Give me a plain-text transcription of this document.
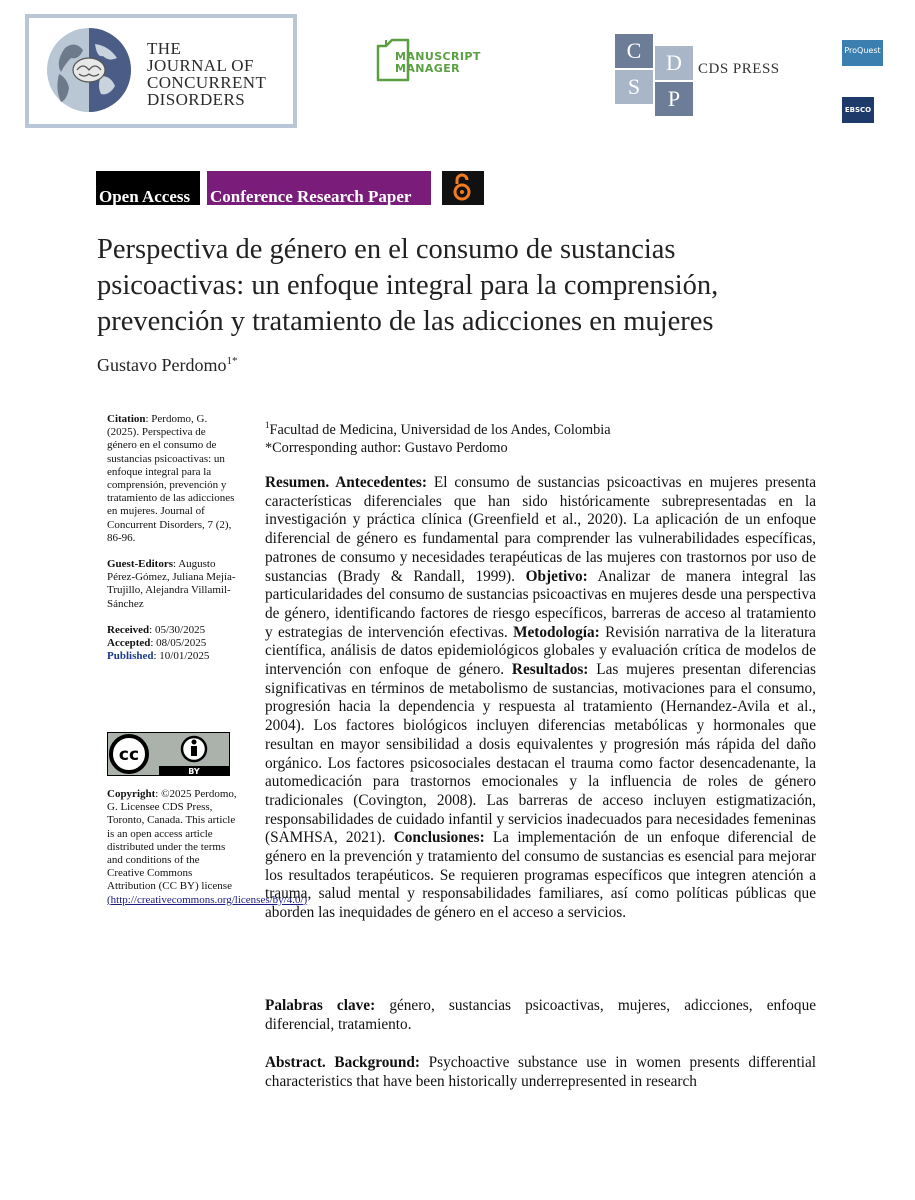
THE
JOURNAL OF
CONCURRENT
DISORDERS
MANUSCRIPT
MANAGER
C	D
S	P
CDS PRESS
ProQuest
EBSCO
Open Access	Conference Research Paper
Perspectiva de género en el consumo de sustancias psicoactivas: un enfoque integral para la comprensión, prevención y tratamiento de las adicciones en mujeres
Gustavo Perdomo$^{1*}$

Citation: Perdomo, G. (2025). Perspectiva de género en el consumo de sustancias psicoactivas: un enfoque integral para la comprensión, prevención y tratamiento de las adicciones en mujeres. Journal of Concurrent Disorders, 7 (2), 86-96.

Guest-Editors: Augusto Pérez-Gómez, Juliana Mejía-Trujillo, Alejandra Villamil-Sánchez

Received: 05/30/2025

Accepted: 08/05/2025

Published: 10/01/2025

cc
BY

Copyright: ©2025 Perdomo, G. Licensee CDS Press, Toronto, Canada. This article is an open access article distributed under the terms and conditions of the Creative Commons Attribution (CC BY) license (http://creativecommons.org/licenses/by/4.0/)

$^1$Facultad de Medicina, Universidad de los Andes, Colombia
*Corresponding author: Gustavo Perdomo

Resumen. Antecedentes: El consumo de sustancias psicoactivas en mujeres presenta características diferenciales que han sido históricamente subrepresentadas en la investigación y práctica clínica (Greenfield et al., 2020). La aplicación de un enfoque diferencial de género es fundamental para comprender las vulnerabilidades específicas, patrones de consumo y necesidades terapéuticas de las mujeres con trastornos por uso de sustancias (Brady & Randall, 1999). Objetivo: Analizar de manera integral las particularidades del consumo de sustancias psicoactivas en mujeres desde una perspectiva de género, identificando factores de riesgo específicos, barreras de acceso al tratamiento y estrategias de intervención efectivas. Metodología: Revisión narrativa de la literatura científica, análisis de datos epidemiológicos globales y evaluación crítica de modelos de intervención con enfoque de género. Resultados: Las mujeres presentan diferencias significativas en términos de metabolismo de sustancias, motivaciones para el consumo, progresión hacia la dependencia y respuesta al tratamiento (Hernandez-Avila et al., 2004). Los factores biológicos incluyen diferencias metabólicas y hormonales que resultan en mayor sensibilidad a dosis equivalentes y progresión más rápida del daño orgánico. Los factores psicosociales destacan el trauma como factor desencadenante, la automedicación para trastornos emocionales y la influencia de roles de género tradicionales (Covington, 2008). Las barreras de acceso incluyen estigmatización, responsabilidades de cuidado infantil y servicios inadecuados para necesidades femeninas (SAMHSA, 2021). Conclusiones: La implementación de un enfoque diferencial de género en la prevención y tratamiento del consumo de sustancias es esencial para mejorar los resultados terapéuticos. Se requieren programas específicos que integren atención a trauma, salud mental y responsabilidades familiares, así como políticas públicas que aborden las inequidades de género en el acceso a servicios.

Palabras clave: género, sustancias psicoactivas, mujeres, adicciones, enfoque diferencial, tratamiento.
Abstract. Background: Psychoactive substance use in women presents differential characteristics that have been historically underrepresented in research
